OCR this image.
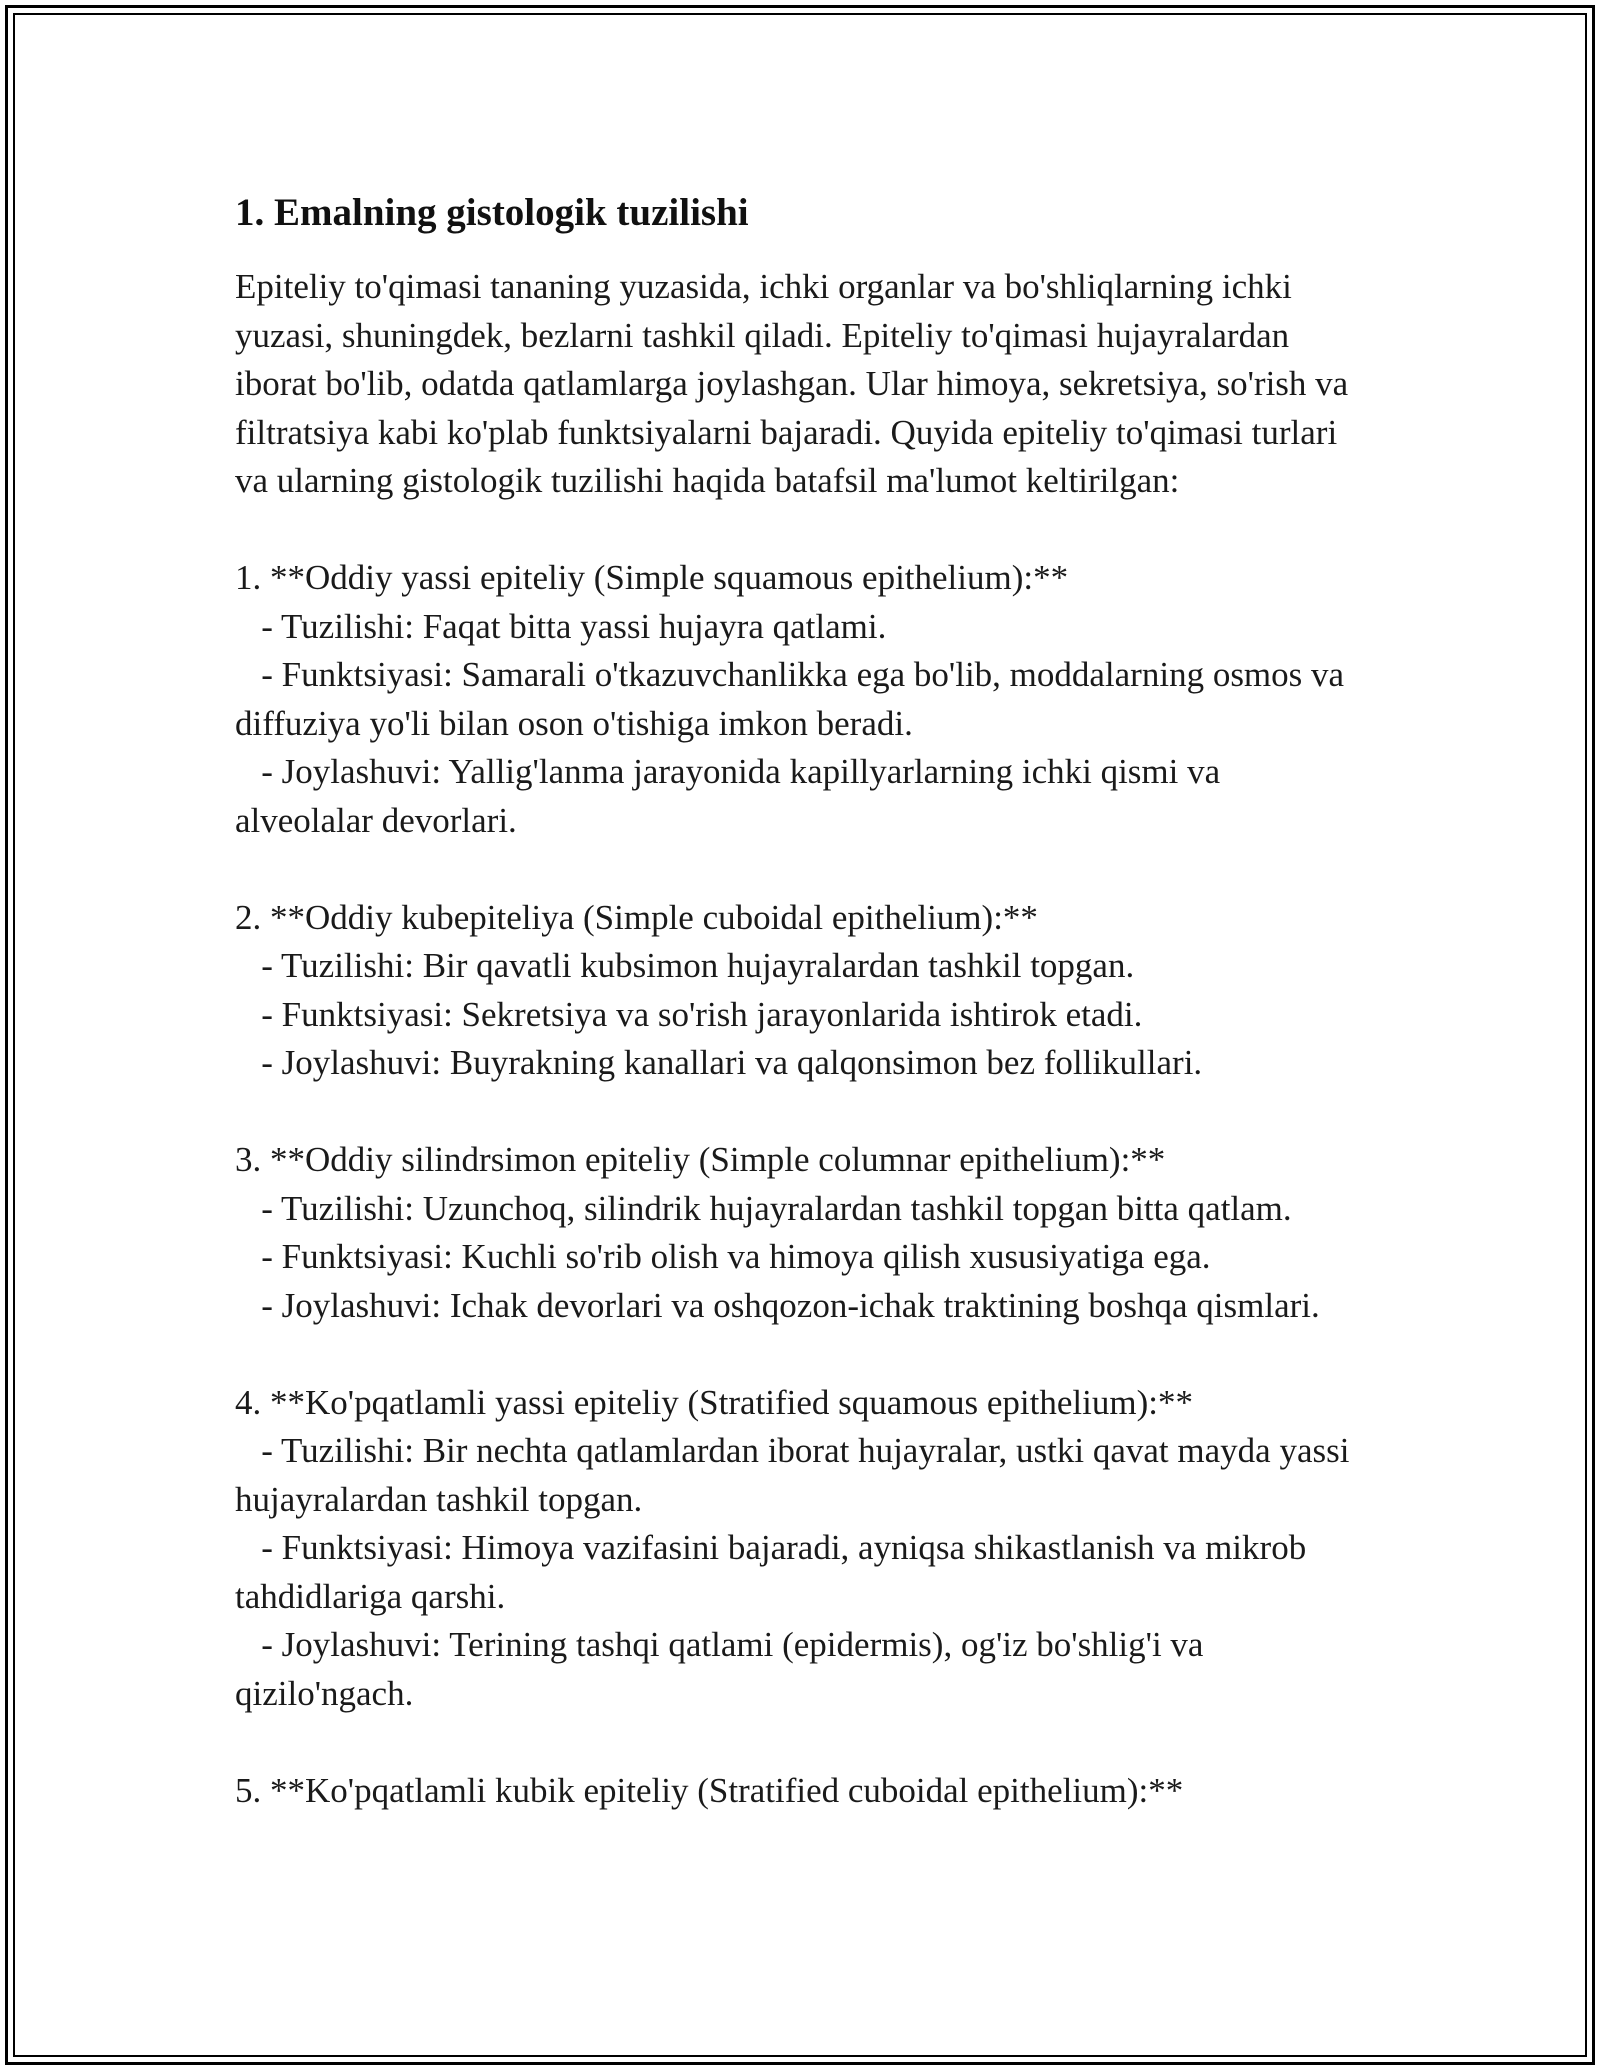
1. Emalning gistologik tuzilishi

Epiteliy to'qimasi tananing yuzasida, ichki organlar va bo'shliqlarning ichki yuzasi, shuningdek, bezlarni tashkil qiladi. Epiteliy to'qimasi hujayralardan iborat bo'lib, odatda qatlamlarga joylashgan. Ular himoya, sekretsiya, so'rish va filtratsiya kabi ko'plab funktsiyalarni bajaradi. Quyida epiteliy to'qimasi turlari va ularning gistologik tuzilishi haqida batafsil ma'lumot keltirilgan:

1. **Oddiy yassi epiteliy (Simple squamous epithelium):**
- Tuzilishi: Faqat bitta yassi hujayra qatlami.
- Funktsiyasi: Samarali o'tkazuvchanlikka ega bo'lib, moddalarning osmos va diffuziya yo'li bilan oson o'tishiga imkon beradi.
- Joylashuvi: Yallig'lanma jarayonida kapillyarlarning ichki qismi va alveolalar devorlari.
2. **Oddiy kubepiteliya (Simple cuboidal epithelium):**
- Tuzilishi: Bir qavatli kubsimon hujayralardan tashkil topgan.
- Funktsiyasi: Sekretsiya va so'rish jarayonlarida ishtirok etadi.
- Joylashuvi: Buyrakning kanallari va qalqonsimon bez follikullari.
3. **Oddiy silindrsimon epiteliy (Simple columnar epithelium):**
- Tuzilishi: Uzunchoq, silindrik hujayralardan tashkil topgan bitta qatlam.
- Funktsiyasi: Kuchli so'rib olish va himoya qilish xususiyatiga ega.
- Joylashuvi: Ichak devorlari va oshqozon-ichak traktining boshqa qismlari.
4. **Ko'pqatlamli yassi epiteliy (Stratified squamous epithelium):**
- Tuzilishi: Bir nechta qatlamlardan iborat hujayralar, ustki qavat mayda yassi hujayralardan tashkil topgan.
- Funktsiyasi: Himoya vazifasini bajaradi, ayniqsa shikastlanish va mikrob tahdidlariga qarshi.
- Joylashuvi: Terining tashqi qatlami (epidermis), og'iz bo'shlig'i va qizilo'ngach.
5. **Ko'pqatlamli kubik epiteliy (Stratified cuboidal epithelium):**
